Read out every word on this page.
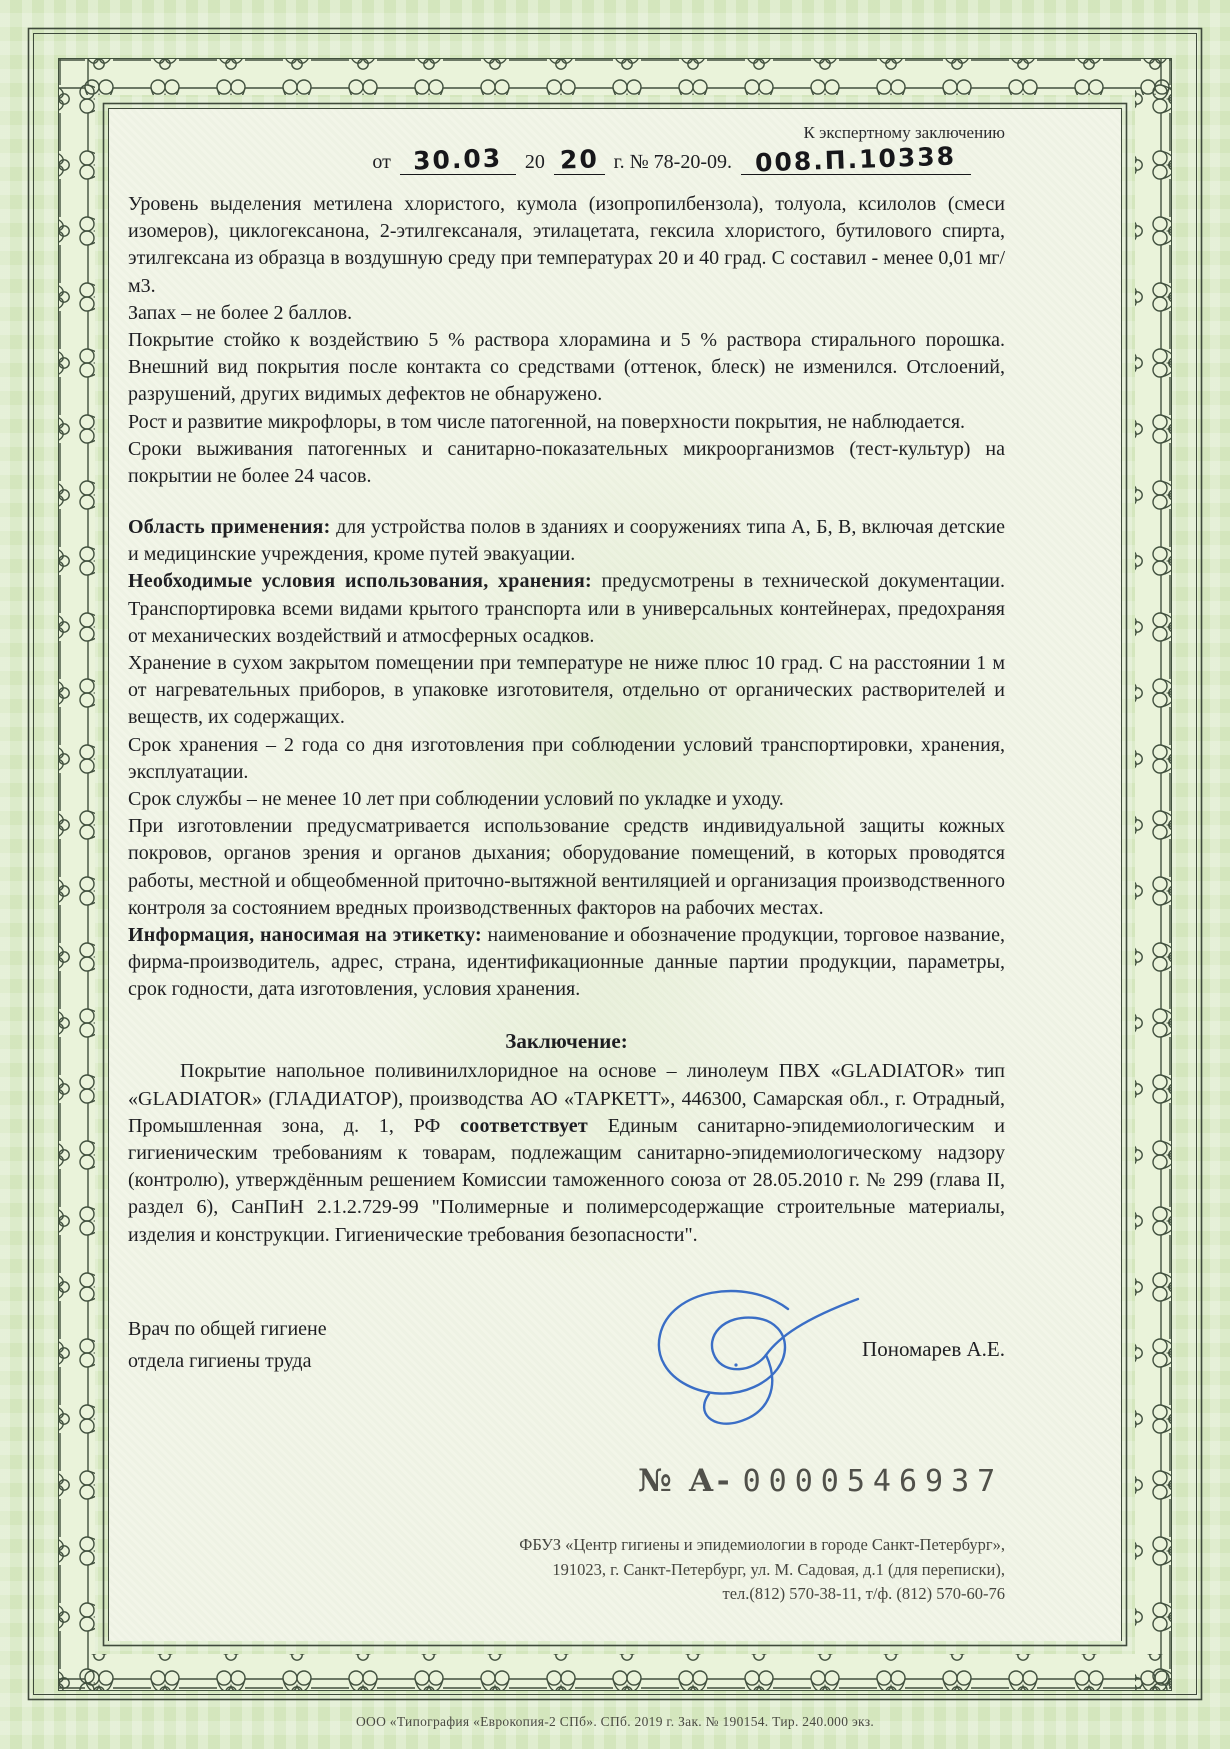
К экспертному заключению
от 30.03 20 20 г. № 78-20-09. 008.П.10338

Уровень выделения метилена хлористого, кумола (изопропилбензола), толуола, ксилолов (смеси изомеров), циклогексанона, 2-этилгексаналя, этилацетата, гексила хлористого, бутилового спирта, этилгексана из образца в воздушную среду при температурах 20 и 40 град. С составил - менее 0,01 мг/м3.

Запах – не более 2 баллов.

Покрытие стойко к воздействию 5 % раствора хлорамина и 5 % раствора стирального порошка. Внешний вид покрытия после контакта со средствами (оттенок, блеск) не изменился. Отслоений, разрушений, других видимых дефектов не обнаружено.

Рост и развитие микрофлоры, в том числе патогенной, на поверхности покрытия, не наблюдается.

Сроки выживания патогенных и санитарно-показательных микроорганизмов (тест-культур) на покрытии не более 24 часов.

Область применения: для устройства полов в зданиях и сооружениях типа А, Б, В, включая детские и медицинские учреждения, кроме путей эвакуации.

Необходимые условия использования, хранения: предусмотрены в технической документации. Транспортировка всеми видами крытого транспорта или в универсальных контейнерах, предохраняя от механических воздействий и атмосферных осадков.

Хранение в сухом закрытом помещении при температуре не ниже плюс 10 град. С на расстоянии 1 м от нагревательных приборов, в упаковке изготовителя, отдельно от органических растворителей и веществ, их содержащих.

Срок хранения – 2 года со дня изготовления при соблюдении условий транспортировки, хранения, эксплуатации.

Срок службы – не менее 10 лет при соблюдении условий по укладке и уходу.

При изготовлении предусматривается использование средств индивидуальной защиты кожных покровов, органов зрения и органов дыхания; оборудование помещений, в которых проводятся работы, местной и общеобменной приточно-вытяжной вентиляцией и организация производственного контроля за состоянием вредных производственных факторов на рабочих местах.

Информация, наносимая на этикетку: наименование и обозначение продукции, торговое название, фирма-производитель, адрес, страна, идентификационные данные партии продукции, параметры, срок годности, дата изготовления, условия хранения.

Заключение:

Покрытие напольное поливинилхлоридное на основе – линолеум ПВХ «GLADIATOR» тип «GLADIATOR» (ГЛАДИАТОР), производства АО «ТАРКЕТТ», 446300, Самарская обл., г. Отрадный, Промышленная зона, д. 1, РФ соответствует Единым санитарно-эпидемиологическим и гигиеническим требованиям к товарам, подлежащим санитарно-эпидемиологическому надзору (контролю), утверждённым решением Комиссии таможенного союза от 28.05.2010 г. № 299 (глава II, раздел 6), СанПиН 2.1.2.729-99 "Полимерные и полимерсодержащие строительные материалы, изделия и конструкции. Гигиенические требования безопасности".

Врач по общей гигиене
отдела гигиены труда	Пономарев А.Е.
№ А- 0000546937
ФБУЗ «Центр гигиены и эпидемиологии в городе Санкт-Петербург»,
191023, г. Санкт-Петербург, ул. М. Садовая, д.1 (для переписки),
тел.(812) 570-38-11, т/ф. (812) 570-60-76
ООО «Типография «Еврокопия-2 СПб». СПб. 2019 г. Зак. № 190154. Тир. 240.000 экз.
